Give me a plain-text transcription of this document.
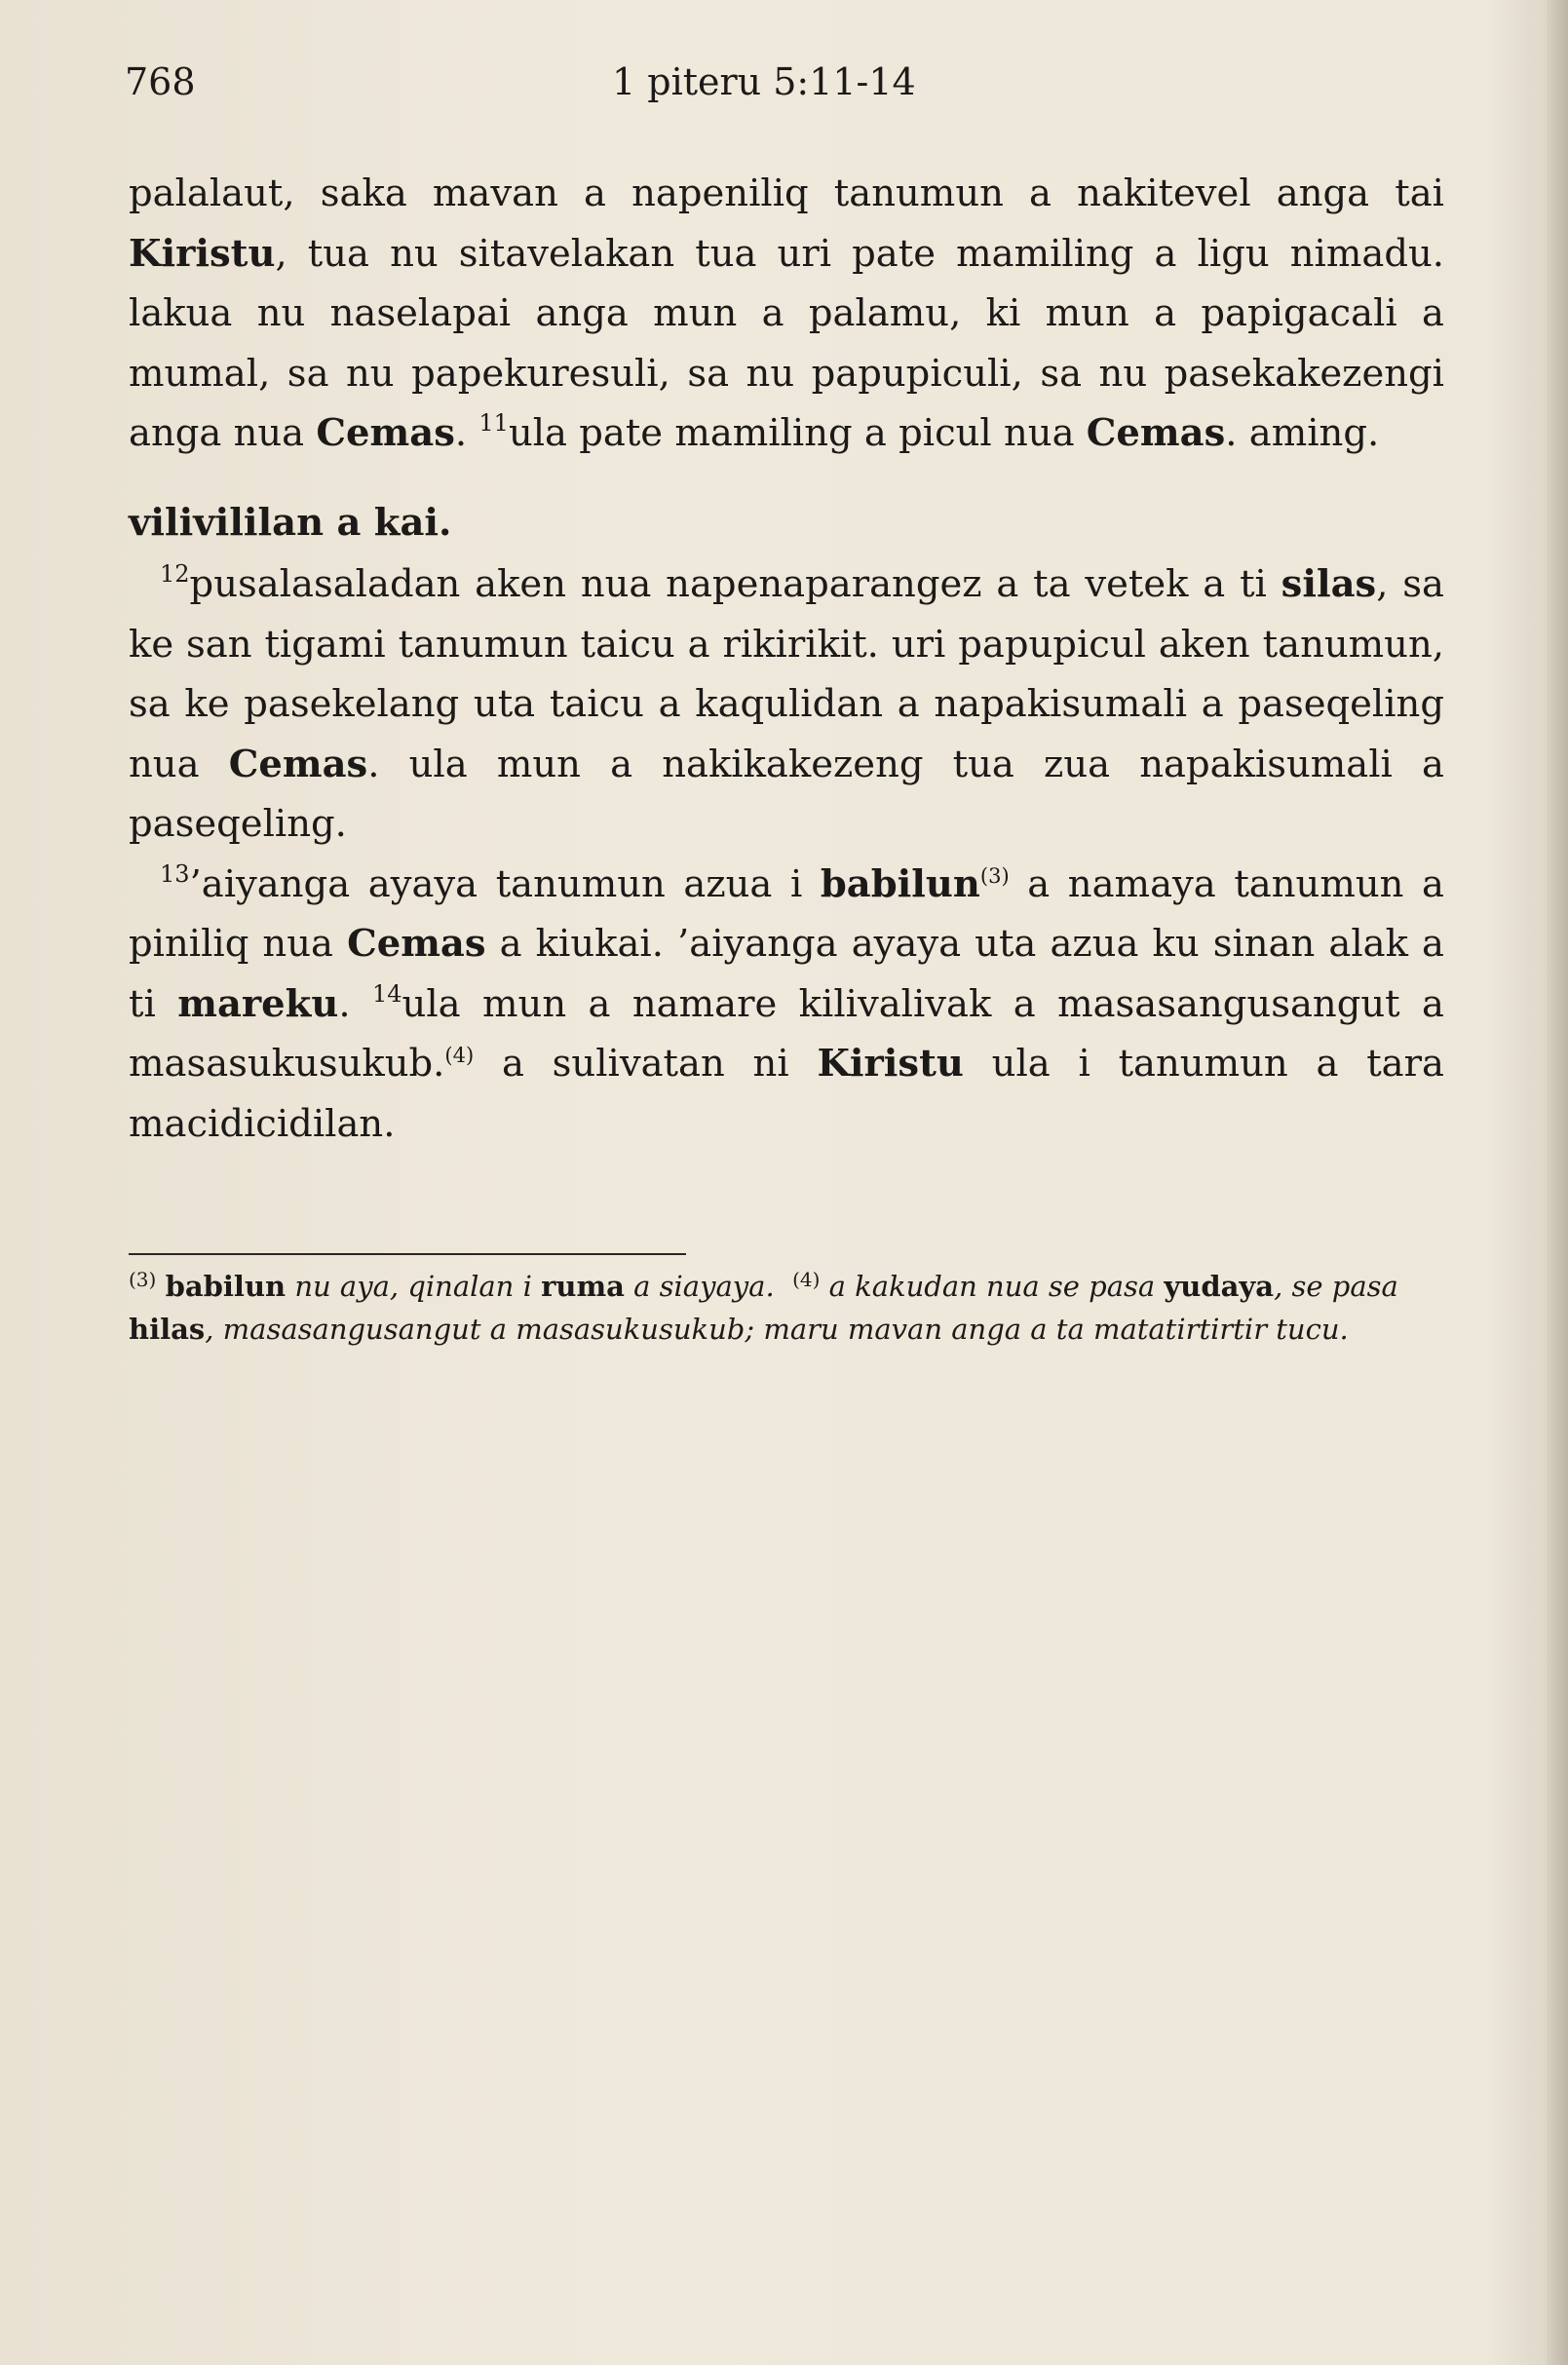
768	1 piteru 5:11-14

palalaut, saka mavan a napeniliq tanumun a nakitevel anga tai Kiristu, tua nu sitavelakan tua uri pate mamiling a ligu nimadu. lakua nu naselapai anga mun a palamu, ki mun a papigacali a mumal, sa nu papekuresuli, sa nu papupiculi, sa nu pasekakezengi anga nua Cemas. $^{11}$ula pate mamiling a picul nua Cemas. aming.

vilivililan a kai.

$^{12}$pusalasaladan aken nua napenaparangez a ta vetek a ti silas, sa ke san tigami tanumun taicu a rikirikit. uri papupicul aken tanumun, sa ke pasekelang uta taicu a kaqulidan a napakisumali a paseqeling nua Cemas. ula mun a nakikakezeng tua zua napakisumali a paseqeling.

$^{13}$’aiyanga ayaya tanumun azua i babilun$^{(3)}$ a namaya tanumun a piniliq nua Cemas a kiukai. ’aiyanga ayaya uta azua ku sinan alak a ti mareku. $^{14}$ula mun a namare kilivalivak a masasangusangut a masasukusukub.$^{(4)}$ a sulivatan ni Kiristu ula i tanumun a tara macidicidilan.

$^{(3)}$ babilun nu aya, qinalan i ruma a siayaya. $^{(4)}$ a kakudan nua se pasa yudaya, se pasa hilas, masasangusangut a masasukusukub; maru mavan anga a ta matatirtirtir tucu.
